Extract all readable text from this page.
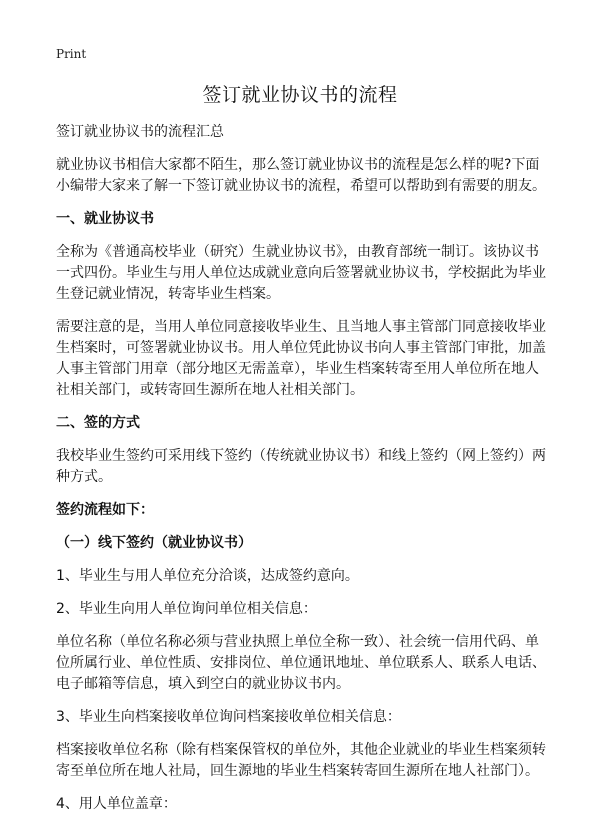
Print
签订就业协议书的流程

签订就业协议书的流程汇总

就业协议书相信大家都不陌生，那么签订就业协议书的流程是怎么样的呢?下面小编带大家来了解一下签订就业协议书的流程，希望可以帮助到有需要的朋友。

一、就业协议书

全称为《普通高校毕业（研究）生就业协议书》，由教育部统一制订。该协议书一式四份。毕业生与用人单位达成就业意向后签署就业协议书，学校据此为毕业生登记就业情况，转寄毕业生档案。

需要注意的是，当用人单位同意接收毕业生、且当地人事主管部门同意接收毕业生档案时，可签署就业协议书。用人单位凭此协议书向人事主管部门审批，加盖人事主管部门用章（部分地区无需盖章），毕业生档案转寄至用人单位所在地人社相关部门，或转寄回生源所在地人社相关部门。

二、签的方式

我校毕业生签约可采用线下签约（传统就业协议书）和线上签约（网上签约）两种方式。

签约流程如下：

（一）线下签约（就业协议书）

1、毕业生与用人单位充分洽谈，达成签约意向。

2、毕业生向用人单位询问单位相关信息：

单位名称（单位名称必须与营业执照上单位全称一致）、社会统一信用代码、单位所属行业、单位性质、安排岗位、单位通讯地址、单位联系人、联系人电话、电子邮箱等信息，填入到空白的就业协议书内。

3、毕业生向档案接收单位询问档案接收单位相关信息：

档案接收单位名称（除有档案保管权的单位外，其他企业就业的毕业生档案须转寄至单位所在地人社局，回生源地的毕业生档案转寄回生源所在地人社部门）。

4、用人单位盖章：
